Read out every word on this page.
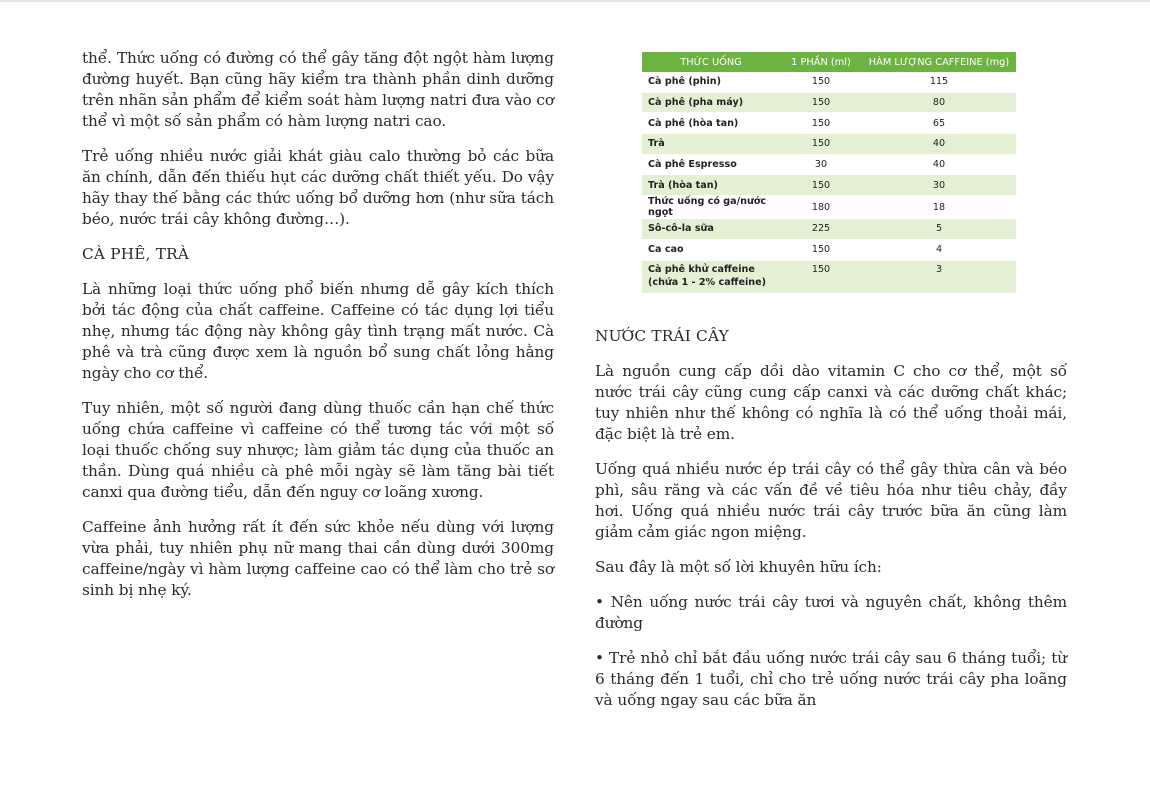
thể. Thức uống có đường có thể gây tăng đột ngột hàm lượng đường huyết. Bạn cũng hãy kiểm tra thành phần dinh dưỡng trên nhãn sản phẩm để kiểm soát hàm lượng natri đưa vào cơ thể vì một số sản phẩm có hàm lượng natri cao.

Trẻ uống nhiều nước giải khát giàu calo thường bỏ các bữa ăn chính, dẫn đến thiếu hụt các dưỡng chất thiết yếu. Do vậy hãy thay thế bằng các thức uống bổ dưỡng hơn (như sữa tách béo, nước trái cây không đường…).

CÀ PHÊ, TRÀ

Là những loại thức uống phổ biến nhưng dễ gây kích thích bởi tác động của chất caffeine. Caffeine có tác dụng lợi tiểu nhẹ, nhưng tác động này không gây tình trạng mất nước. Cà phê và trà cũng được xem là nguồn bổ sung chất lỏng hằng ngày cho cơ thể.

Tuy nhiên, một số người đang dùng thuốc cần hạn chế thức uống chứa caffeine vì caffeine có thể tương tác với một số loại thuốc chống suy nhược; làm giảm tác dụng của thuốc an thần. Dùng quá nhiều cà phê mỗi ngày sẽ làm tăng bài tiết canxi qua đường tiểu, dẫn đến nguy cơ loãng xương.

Caffeine ảnh hưởng rất ít đến sức khỏe nếu dùng với lượng vừa phải, tuy nhiên phụ nữ mang thai cần dùng dưới 300mg caffeine/ngày vì hàm lượng caffeine cao có thể làm cho trẻ sơ sinh bị nhẹ ký.

THỨC UỐNG	1 PHẦN (ml)	HÀM LƯỢNG CAFFEINE (mg)
Cà phê (phin)	150	115
Cà phê (pha máy)	150	80
Cà phê (hòa tan)	150	65
Trà	150	40
Cà phê Espresso	30	40
Trà (hòa tan)	150	30
Thức uống có ga/nước ngọt	180	18
Sô-cô-la sữa	225	5
Ca cao	150	4
Cà phê khử caffeine
(chứa 1 - 2% caffeine)	150	3
NƯỚC TRÁI CÂY

Là nguồn cung cấp dồi dào vitamin C cho cơ thể, một số nước trái cây cũng cung cấp canxi và các dưỡng chất khác; tuy nhiên như thế không có nghĩa là có thể uống thoải mái, đặc biệt là trẻ em.

Uống quá nhiều nước ép trái cây có thể gây thừa cân và béo phì, sâu răng và các vấn đề về tiêu hóa như tiêu chảy, đầy hơi. Uống quá nhiều nước trái cây trước bữa ăn cũng làm giảm cảm giác ngon miệng.

Sau đây là một số lời khuyên hữu ích:

• Nên uống nước trái cây tươi và nguyên chất, không thêm đường

• Trẻ nhỏ chỉ bắt đầu uống nước trái cây sau 6 tháng tuổi; từ 6 tháng đến 1 tuổi, chỉ cho trẻ uống nước trái cây pha loãng và uống ngay sau các bữa ăn
